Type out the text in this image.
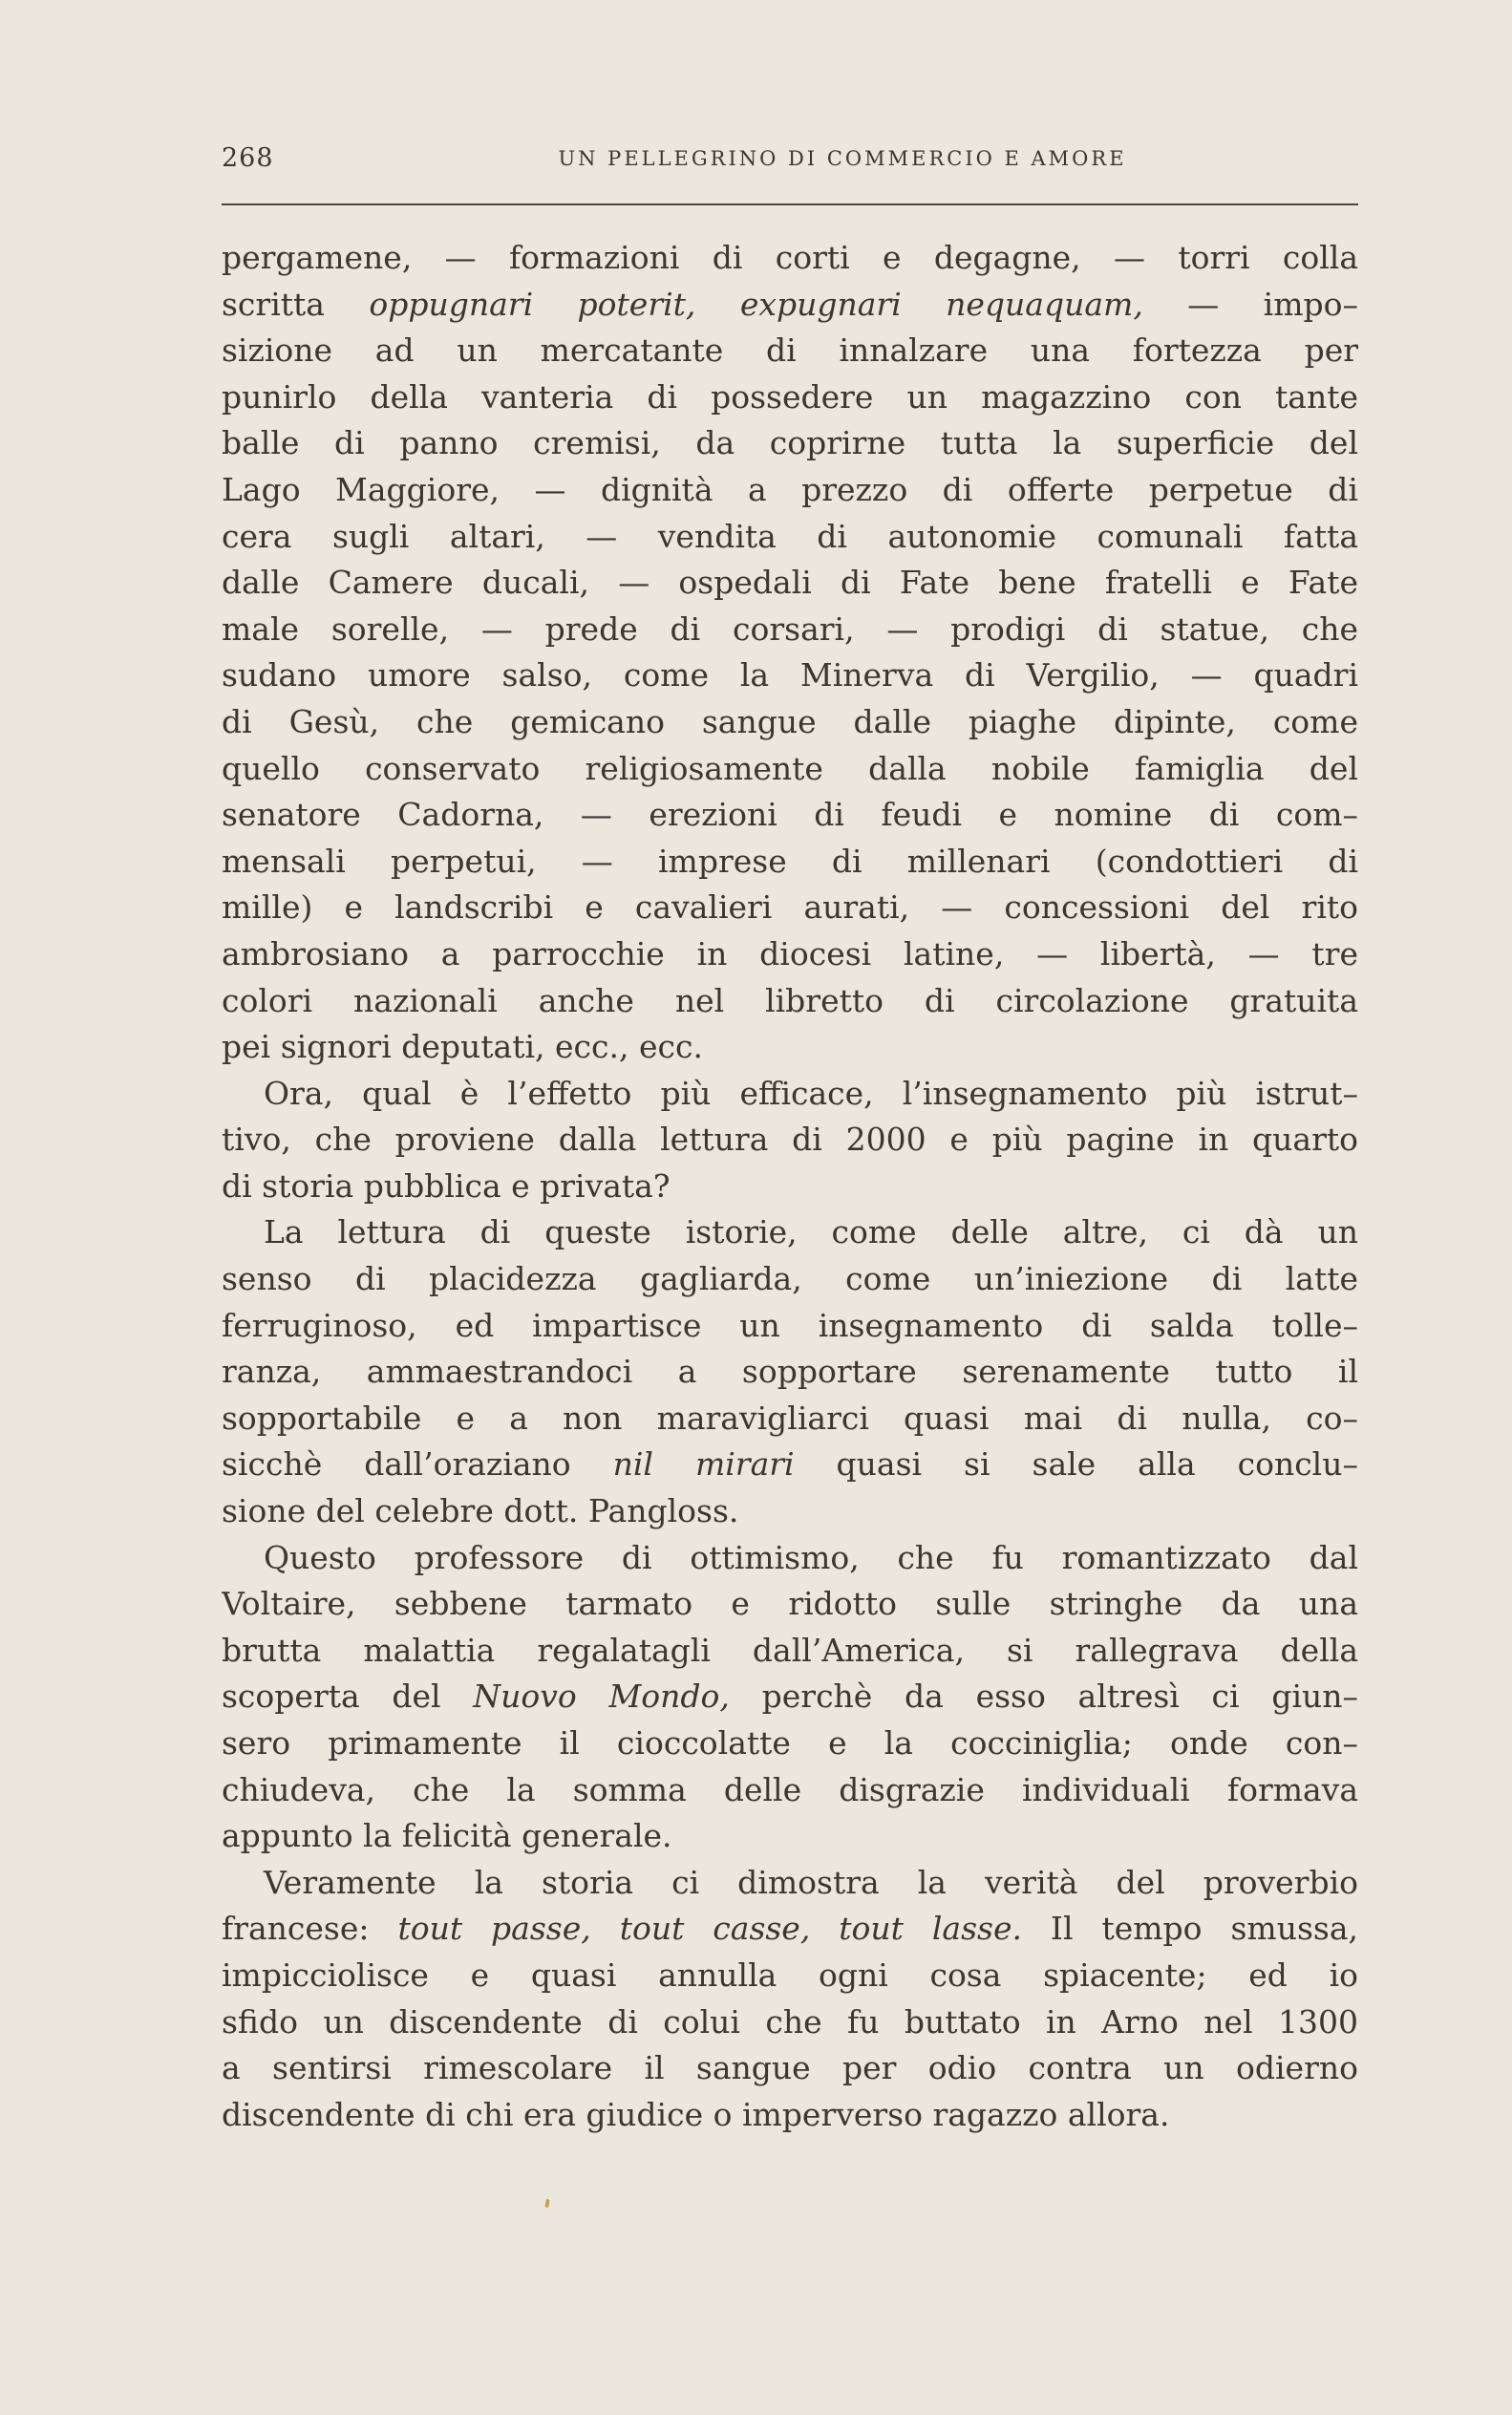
268	UN PELLEGRINO DI COMMERCIO E AMORE
pergamene, — formazioni di corti e degagne, — torri colla
scritta oppugnari poterit, expugnari nequaquam, — impo–
sizione ad un mercatante di innalzare una fortezza per
punirlo della vanteria di possedere un magazzino con tante
balle di panno cremisi, da coprirne tutta la superficie del
Lago Maggiore, — dignità a prezzo di offerte perpetue di
cera sugli altari, — vendita di autonomie comunali fatta
dalle Camere ducali, — ospedali di Fate bene fratelli e Fate
male sorelle, — prede di corsari, — prodigi di statue, che
sudano umore salso, come la Minerva di Vergilio, — quadri
di Gesù, che gemicano sangue dalle piaghe dipinte, come
quello conservato religiosamente dalla nobile famiglia del
senatore Cadorna, — erezioni di feudi e nomine di com–
mensali perpetui, — imprese di millenari (condottieri di
mille) e landscribi e cavalieri aurati, — concessioni del rito
ambrosiano a parrocchie in diocesi latine, — libertà, — tre
colori nazionali anche nel libretto di circolazione gratuita
pei signori deputati, ecc., ecc.
Ora, qual è l’effetto più efficace, l’insegnamento più istrut–
tivo, che proviene dalla lettura di 2000 e più pagine in quarto
di storia pubblica e privata?
La lettura di queste istorie, come delle altre, ci dà un
senso di placidezza gagliarda, come un’iniezione di latte
ferruginoso, ed impartisce un insegnamento di salda tolle–
ranza, ammaestrandoci a sopportare serenamente tutto il
sopportabile e a non maravigliarci quasi mai di nulla, co–
sicchè dall’oraziano nil mirari quasi si sale alla conclu–
sione del celebre dott. Pangloss.
Questo professore di ottimismo, che fu romantizzato dal
Voltaire, sebbene tarmato e ridotto sulle stringhe da una
brutta malattia regalatagli dall’America, si rallegrava della
scoperta del Nuovo Mondo, perchè da esso altresì ci giun–
sero primamente il cioccolatte e la cocciniglia; onde con–
chiudeva, che la somma delle disgrazie individuali formava
appunto la felicità generale.
Veramente la storia ci dimostra la verità del proverbio
francese: tout passe, tout casse, tout lasse. Il tempo smussa,
impicciolisce e quasi annulla ogni cosa spiacente; ed io
sfido un discendente di colui che fu buttato in Arno nel 1300
a sentirsi rimescolare il sangue per odio contra un odierno
discendente di chi era giudice o imperverso ragazzo allora.
